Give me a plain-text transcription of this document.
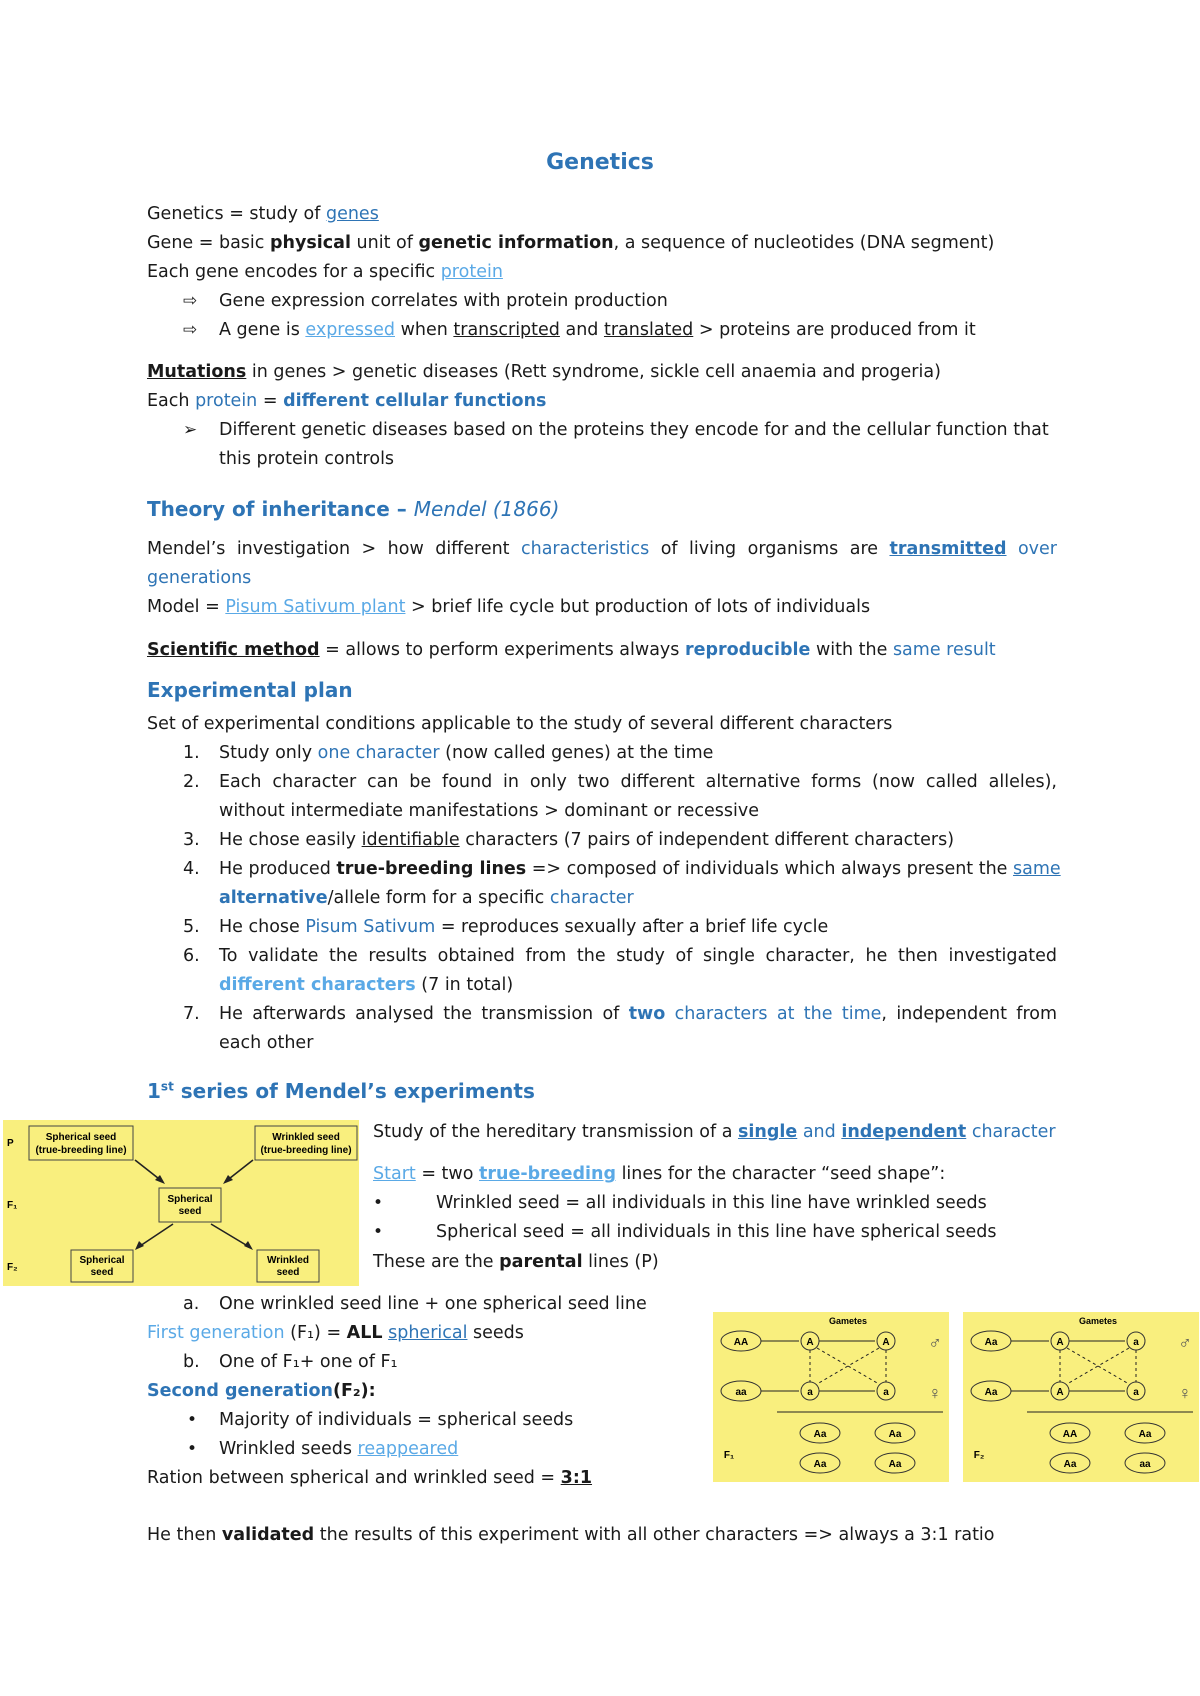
Genetics
Genetics = study of genes
Gene = basic physical unit of genetic information, a sequence of nucleotides (DNA segment)
Each gene encodes for a specific protein
⇨ Gene expression correlates with protein production
⇨ A gene is expressed when transcripted and translated > proteins are produced from it
Mutations in genes > genetic diseases (Rett syndrome, sickle cell anaemia and progeria)
Each protein = different cellular functions
➢ Different genetic diseases based on the proteins they encode for and the cellular function that
this protein controls
Theory of inheritance – Mendel (1866)
Mendel’s investigation > how different characteristics of living organisms are transmitted over
generations
Model = Pisum Sativum plant > brief life cycle but production of lots of individuals
Scientific method = allows to perform experiments always reproducible with the same result
Experimental plan
Set of experimental conditions applicable to the study of several different characters
1. Study only one character (now called genes) at the time
2. Each character can be found in only two different alternative forms (now called alleles),
without intermediate manifestations > dominant or recessive
3. He chose easily identifiable characters (7 pairs of independent different characters)
4. He produced true-breeding lines => composed of individuals which always present the same
alternative/allele form for a specific character
5. He chose Pisum Sativum = reproduces sexually after a brief life cycle
6. To validate the results obtained from the study of single character, he then investigated
different characters (7 in total)
7. He afterwards analysed the transmission of two characters at the time, independent from
each other
1st series of Mendel’s experiments
P
F₁
F₂
Spherical seed
(true-breeding line)
Wrinkled seed
(true-breeding line)
Spherical
seed
Spherical
seed
Wrinkled
seed
Study of the hereditary transmission of a single and independent character
Start = two true-breeding lines for the character “seed shape”:
•	Wrinkled seed = all individuals in this line have wrinkled seeds
•	Spherical seed = all individuals in this line have spherical seeds
These are the parental lines (P)
a. One wrinkled seed line + one spherical seed line
First generation (F₁) = ALL spherical seeds
b. One of F₁+ one of F₁
Second generation(F₂):
• Majority of individuals = spherical seeds
• Wrinkled seeds reappeared
Ration between spherical and wrinkled seed = 3:1
He then validated the results of this experiment with all other characters => always a 3:1 ratio
Gametes
AA
aa
A	A
a	a
♂
♀
F₁
Aa	Aa
Aa	Aa
Gametes
Aa
Aa
A	a
A	a
♂
♀
F₂
AA	Aa
Aa	aa
